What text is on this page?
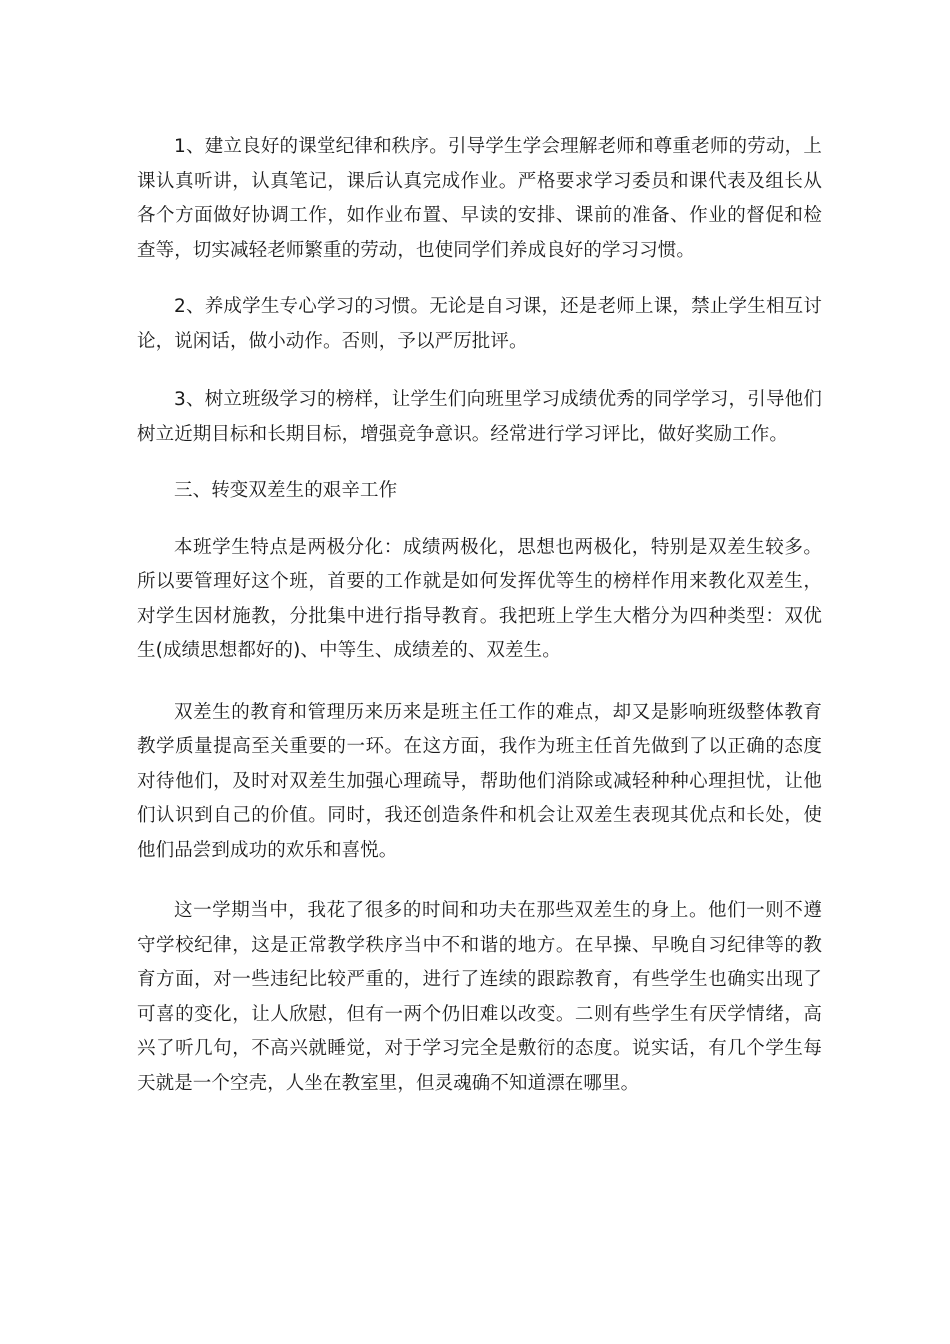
1、建立良好的课堂纪律和秩序。引导学生学会理解老师和尊重老师的劳动，上课认真听讲，认真笔记，课后认真完成作业。严格要求学习委员和课代表及组长从各个方面做好协调工作，如作业布置、早读的安排、课前的准备、作业的督促和检查等，切实减轻老师繁重的劳动，也使同学们养成良好的学习习惯。

2、养成学生专心学习的习惯。无论是自习课，还是老师上课，禁止学生相互讨论，说闲话，做小动作。否则，予以严厉批评。

3、树立班级学习的榜样，让学生们向班里学习成绩优秀的同学学习，引导他们树立近期目标和长期目标，增强竞争意识。经常进行学习评比，做好奖励工作。

三、转变双差生的艰辛工作

本班学生特点是两极分化：成绩两极化，思想也两极化，特别是双差生较多。所以要管理好这个班，首要的工作就是如何发挥优等生的榜样作用来教化双差生，对学生因材施教，分批集中进行指导教育。我把班上学生大楷分为四种类型：双优生(成绩思想都好的)、中等生、成绩差的、双差生。

双差生的教育和管理历来历来是班主任工作的难点，却又是影响班级整体教育教学质量提高至关重要的一环。在这方面，我作为班主任首先做到了以正确的态度对待他们，及时对双差生加强心理疏导，帮助他们消除或减轻种种心理担忧，让他们认识到自己的价值。同时，我还创造条件和机会让双差生表现其优点和长处，使他们品尝到成功的欢乐和喜悦。

这一学期当中，我花了很多的时间和功夫在那些双差生的身上。他们一则不遵守学校纪律，这是正常教学秩序当中不和谐的地方。在早操、早晚自习纪律等的教育方面，对一些违纪比较严重的，进行了连续的跟踪教育，有些学生也确实出现了可喜的变化，让人欣慰，但有一两个仍旧难以改变。二则有些学生有厌学情绪，高兴了听几句，不高兴就睡觉，对于学习完全是敷衍的态度。说实话，有几个学生每天就是一个空壳，人坐在教室里，但灵魂确不知道漂在哪里。
